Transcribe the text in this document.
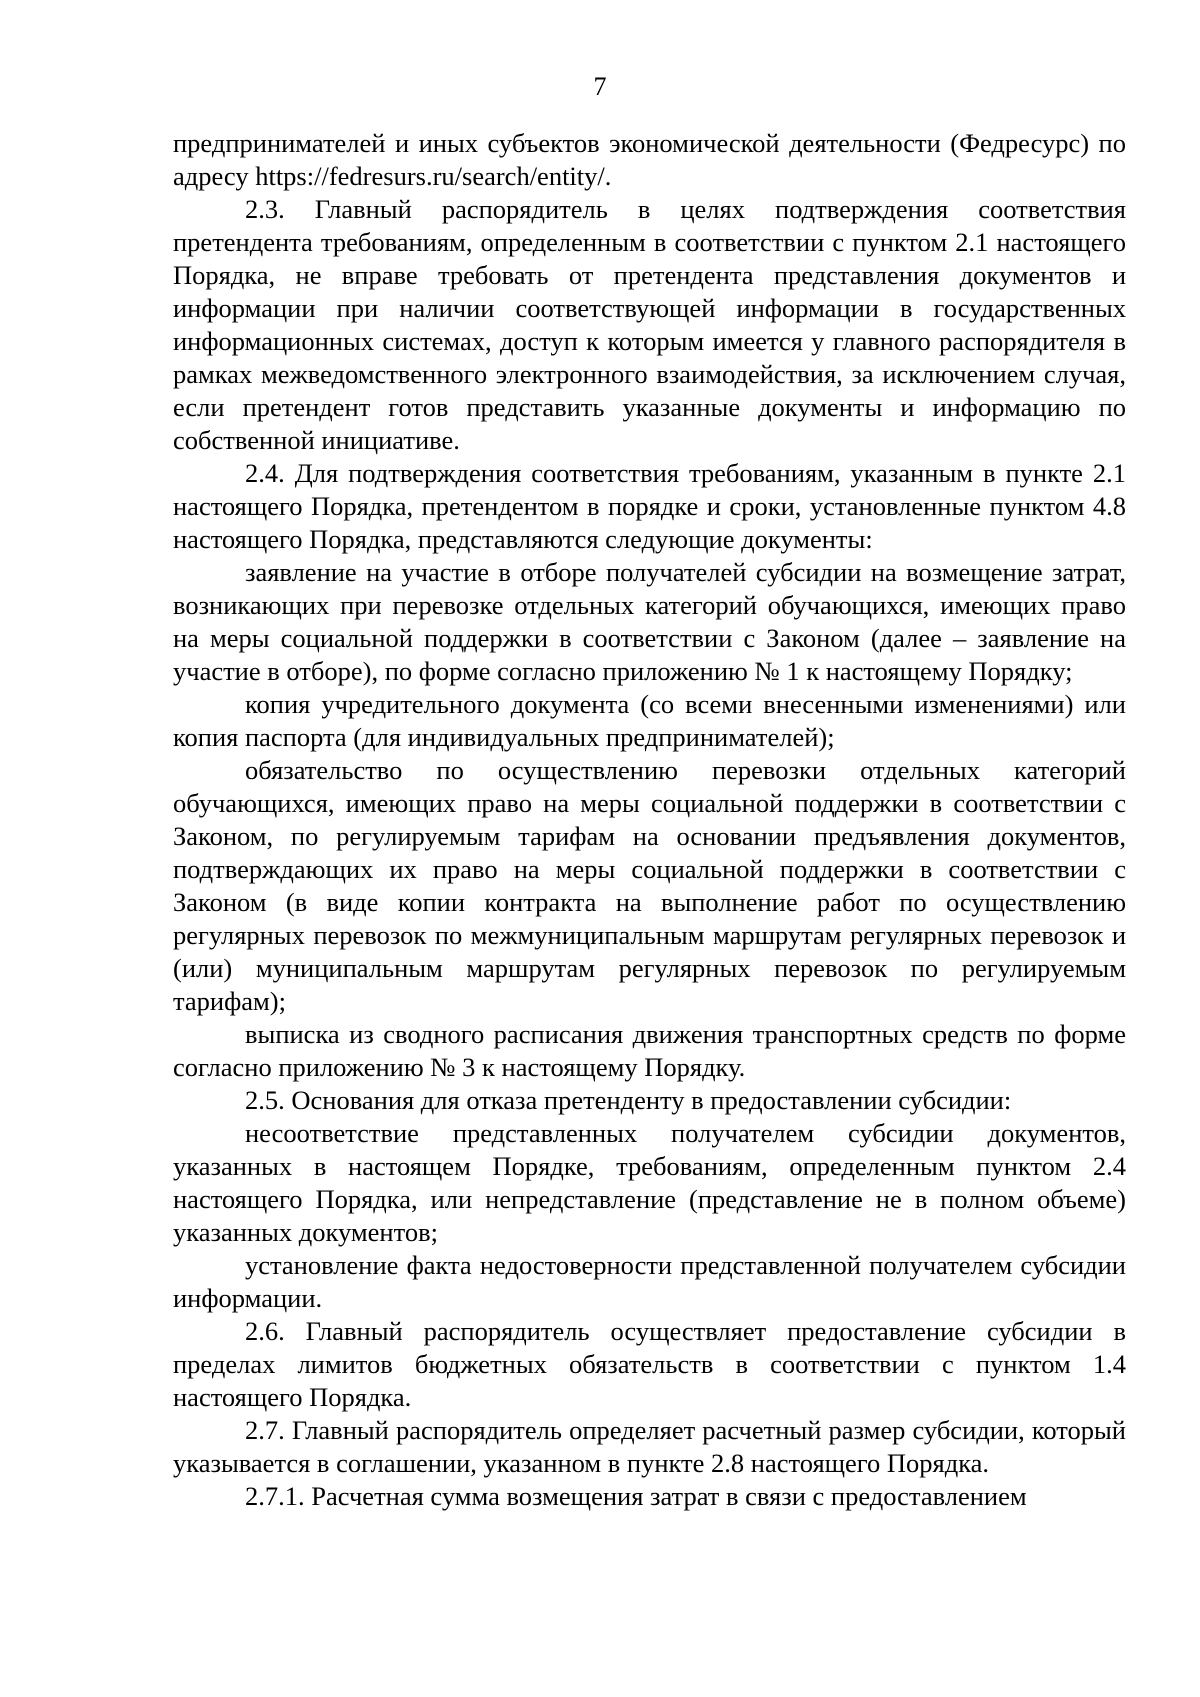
7

предпринимателей и иных субъектов экономической деятельности (Федресурс) по адресу https://fedresurs.ru/search/entity/.

2.3. Главный распорядитель в целях подтверждения соответствия претендента требованиям, определенным в соответствии с пунктом 2.1 настоящего Порядка, не вправе требовать от претендента представления документов и информации при наличии соответствующей информации в государственных информационных системах, доступ к которым имеется у главного распорядителя в рамках межведомственного электронного взаимодействия, за исключением случая, если претендент готов представить указанные документы и информацию по собственной инициативе.

2.4. Для подтверждения соответствия требованиям, указанным в пункте 2.1 настоящего Порядка, претендентом в порядке и сроки, установленные пунктом 4.8 настоящего Порядка, представляются следующие документы:

заявление на участие в отборе получателей субсидии на возмещение затрат, возникающих при перевозке отдельных категорий обучающихся, имеющих право на меры социальной поддержки в соответствии с Законом (далее – заявление на участие в отборе), по форме согласно приложению № 1 к настоящему Порядку;

копия учредительного документа (со всеми внесенными изменениями) или копия паспорта (для индивидуальных предпринимателей);

обязательство по осуществлению перевозки отдельных категорий обучающихся, имеющих право на меры социальной поддержки в соответствии с Законом, по регулируемым тарифам на основании предъявления документов, подтверждающих их право на меры социальной поддержки в соответствии с Законом (в виде копии контракта на выполнение работ по осуществлению регулярных перевозок по межмуниципальным маршрутам регулярных перевозок и (или) муниципальным маршрутам регулярных перевозок по регулируемым тарифам);

выписка из сводного расписания движения транспортных средств по форме согласно приложению № 3 к настоящему Порядку.

2.5. Основания для отказа претенденту в предоставлении субсидии:

несоответствие представленных получателем субсидии документов, указанных в настоящем Порядке, требованиям, определенным пунктом 2.4 настоящего Порядка, или непредставление (представление не в полном объеме) указанных документов;

установление факта недостоверности представленной получателем субсидии информации.

2.6. Главный распорядитель осуществляет предоставление субсидии в пределах лимитов бюджетных обязательств в соответствии с пунктом 1.4 настоящего Порядка.

2.7. Главный распорядитель определяет расчетный размер субсидии, который указывается в соглашении, указанном в пункте 2.8 настоящего Порядка.

2.7.1. Расчетная сумма возмещения затрат в связи с предоставлением
